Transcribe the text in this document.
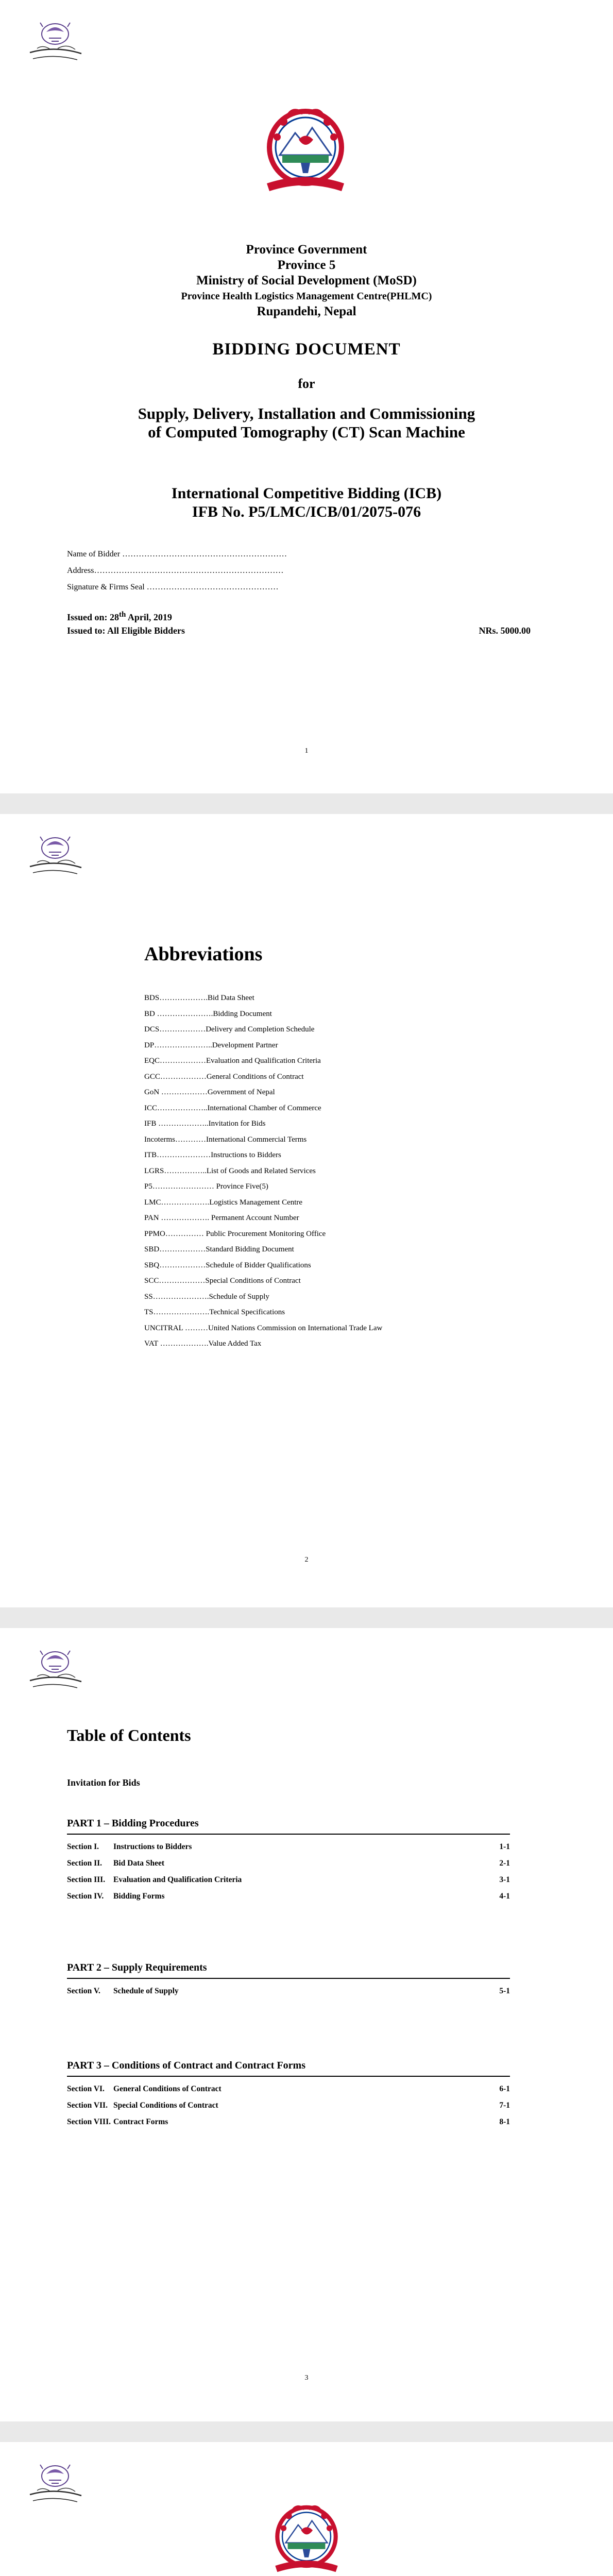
Province Government
Province 5
Ministry of Social Development (MoSD)
Province Health Logistics Management Centre(PHLMC)
Rupandehi, Nepal
BIDDING DOCUMENT
for
Supply, Delivery, Installation and Commissioning
of Computed Tomography (CT) Scan Machine
International Competitive Bidding (ICB)
IFB No. P5/LMC/ICB/01/2075-076
Name of Bidder ……………………………………………………
Address……………………………………………………………
Signature & Firms Seal …………………………………………
Issued on: 28th April, 2019
Issued to: All Eligible Bidders	NRs. 5000.00
1
Abbreviations
BDS……………….Bid Data Sheet
BD ………………….Bidding Document
DCS………………Delivery and Completion Schedule
DP…………………..Development Partner
EQC………………Evaluation and Qualification Criteria
GCC………………General Conditions of Contract
GoN ………………Government of Nepal
ICC………………..International Chamber of Commerce
IFB ………………..Invitation for Bids
Incoterms…………International Commercial Terms
ITB…………………Instructions to Bidders
LGRS……………..List of Goods and Related Services
P5…………………… Province Five(5)
LMC……………….Logistics Management Centre
PAN ………………. Permanent Account Number
PPMO…………… Public Procurement Monitoring Office
SBD………………Standard Bidding Document
SBQ………………Schedule of Bidder Qualifications
SCC………………Special Conditions of Contract
SS………………….Schedule of Supply
TS………………….Technical Specifications
UNCITRAL ………United Nations Commission on International Trade Law
VAT ……………….Value Added Tax
2
Table of Contents
Invitation for Bids
PART 1 – Bidding Procedures
Section I.	Instructions to Bidders	1-1
Section II.	Bid Data Sheet	2-1
Section III.	Evaluation and Qualification Criteria	3-1
Section IV.	Bidding Forms	4-1
PART 2 – Supply Requirements
Section V.	Schedule of Supply	5-1
PART 3 – Conditions of Contract and Contract Forms
Section VI.	General Conditions of Contract	6-1
Section VII. Special Conditions of Contract	7-1
Section VIII. Contract Forms	8-1
3
